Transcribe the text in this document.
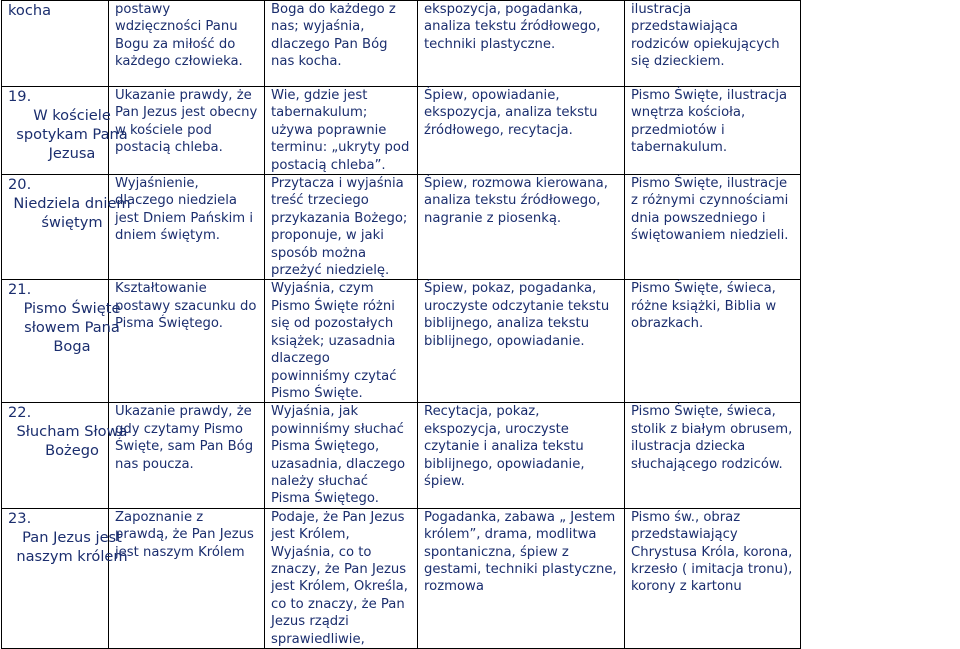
kocha	postawy wdzięczności Panu Bogu za miłość do każdego człowieka.	Boga do każdego z nas; wyjaśnia, dlaczego Pan Bóg nas kocha.	ekspozycja, pogadanka, analiza tekstu źródłowego, techniki plastyczne.	ilustracja przedstawiająca rodziców opiekujących się dzieckiem.
19.W kościele spotykam Pana Jezusa	Ukazanie prawdy, że Pan Jezus jest obecny w kościele pod postacią chleba.	Wie, gdzie jest tabernakulum; używa poprawnie terminu: „ukryty pod postacią chleba”.	Śpiew, opowiadanie, ekspozycja, analiza tekstu źródłowego, recytacja.	Pismo Święte, ilustracja wnętrza kościoła, przedmiotów i tabernakulum.
20.Niedziela dniem świętym	Wyjaśnienie, dlaczego niedziela jest Dniem Pańskim i dniem świętym.	Przytacza i wyjaśnia treść trzeciego przykazania Bożego; proponuje, w jaki sposób można przeżyć niedzielę.	Śpiew, rozmowa kierowana, analiza tekstu źródłowego, nagranie z piosenką.	Pismo Święte, ilustracje z różnymi czynnościami dnia powszedniego i świętowaniem niedzieli.
21.Pismo Święte słowem Pana Boga	Kształtowanie postawy szacunku do Pisma Świętego.	Wyjaśnia, czym Pismo Święte różni się od pozostałych książek; uzasadnia dlaczego powinniśmy czytać Pismo Święte.	Śpiew, pokaz, pogadanka, uroczyste odczytanie tekstu biblijnego, analiza tekstu biblijnego, opowiadanie.	Pismo Święte, świeca, różne książki, Biblia w obrazkach.
22.Słucham Słowa Bożego	Ukazanie prawdy, że gdy czytamy Pismo Święte, sam Pan Bóg nas poucza.	Wyjaśnia, jak powinniśmy słuchać Pisma Świętego, uzasadnia, dlaczego należy słuchać Pisma Świętego.	Recytacja, pokaz, ekspozycja, uroczyste czytanie i analiza tekstu biblijnego, opowiadanie, śpiew.	Pismo Święte, świeca, stolik z białym obrusem, ilustracja dziecka słuchającego rodziców.
23.Pan Jezus jest naszym królem	Zapoznanie z prawdą, że Pan Jezus jest naszym Królem	Podaje, że Pan Jezus jest Królem, Wyjaśnia, co to znaczy, że Pan Jezus jest Królem, Określa, co to znaczy, że Pan Jezus rządzi sprawiedliwie,	Pogadanka, zabawa „ Jestem królem”, drama, modlitwa spontaniczna, śpiew z gestami, techniki plastyczne, rozmowa	Pismo św., obraz przedstawiający Chrystusa Króla, korona, krzesło ( imitacja tronu), korony z kartonu
